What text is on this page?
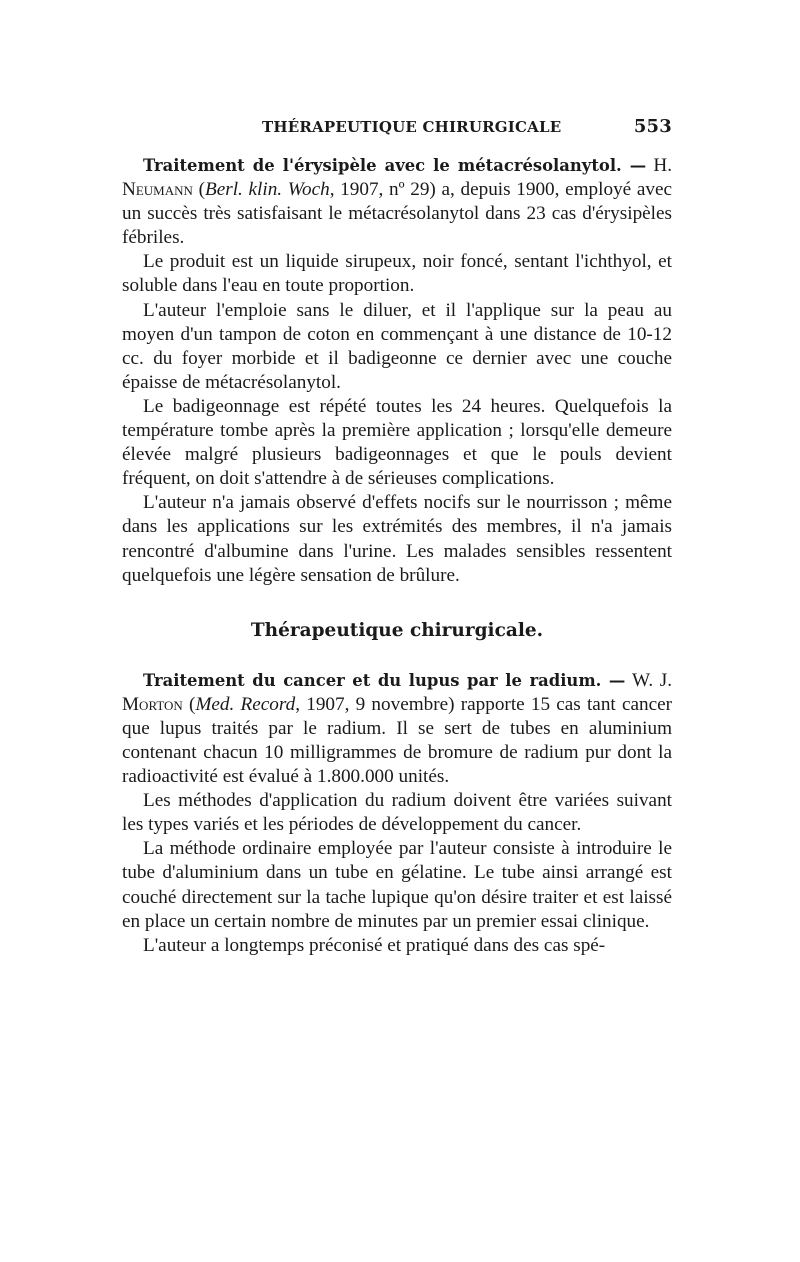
THÉRAPEUTIQUE CHIRURGICALE	553

Traitement de l'érysipèle avec le métacrésolanytol. — H. Neumann (Berl. klin. Woch, 1907, nº 29) a, depuis 1900, employé avec un succès très satisfaisant le métacrésolanytol dans 23 cas d'érysipèles fébriles.

Le produit est un liquide sirupeux, noir foncé, sentant l'ichthyol, et soluble dans l'eau en toute proportion.

L'auteur l'emploie sans le diluer, et il l'applique sur la peau au moyen d'un tampon de coton en commençant à une distance de 10-12 cc. du foyer morbide et il badigeonne ce dernier avec une couche épaisse de métacrésolanytol.

Le badigeonnage est répété toutes les 24 heures. Quelquefois la température tombe après la première application ; lorsqu'elle demeure élevée malgré plusieurs badigeonnages et que le pouls devient fréquent, on doit s'attendre à de sérieuses complications.

L'auteur n'a jamais observé d'effets nocifs sur le nourrisson ; même dans les applications sur les extrémités des membres, il n'a jamais rencontré d'albumine dans l'urine. Les malades sensibles ressentent quelquefois une légère sensation de brûlure.

Thérapeutique chirurgicale.

Traitement du cancer et du lupus par le radium. — W. J. Morton (Med. Record, 1907, 9 novembre) rapporte 15 cas tant cancer que lupus traités par le radium. Il se sert de tubes en aluminium contenant chacun 10 milligrammes de bromure de radium pur dont la radioactivité est évalué à 1.800.000 unités.

Les méthodes d'application du radium doivent être variées suivant les types variés et les périodes de développement du cancer.

La méthode ordinaire employée par l'auteur consiste à introduire le tube d'aluminium dans un tube en gélatine. Le tube ainsi arrangé est couché directement sur la tache lupique qu'on désire traiter et est laissé en place un certain nombre de minutes par un premier essai clinique.

L'auteur a longtemps préconisé et pratiqué dans des cas spé-
